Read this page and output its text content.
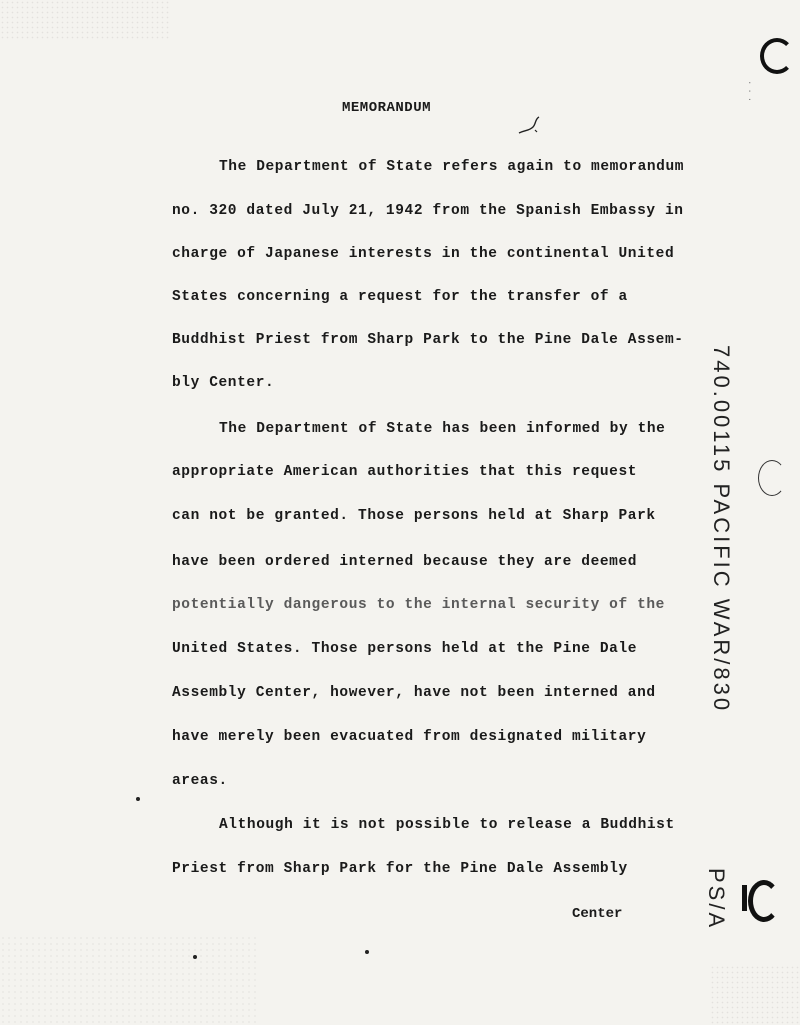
MEMORANDUM
The Department of State refers again to memorandum
no. 320 dated July 21, 1942 from the Spanish Embassy in
charge of Japanese interests in the continental United
States concerning a request for the transfer of a
Buddhist Priest from Sharp Park to the Pine Dale Assem-
bly Center.
The Department of State has been informed by the
appropriate American authorities that this request
can not be granted. Those persons held at Sharp Park
have been ordered interned because they are deemed
potentially dangerous to the internal security of the
United States. Those persons held at the Pine Dale
Assembly Center, however, have not been interned and
have merely been evacuated from designated military
areas.
Although it is not possible to release a Buddhist
Priest from Sharp Park for the Pine Dale Assembly
Center
740.00115 PACIFIC WAR/830
PS/A
...
